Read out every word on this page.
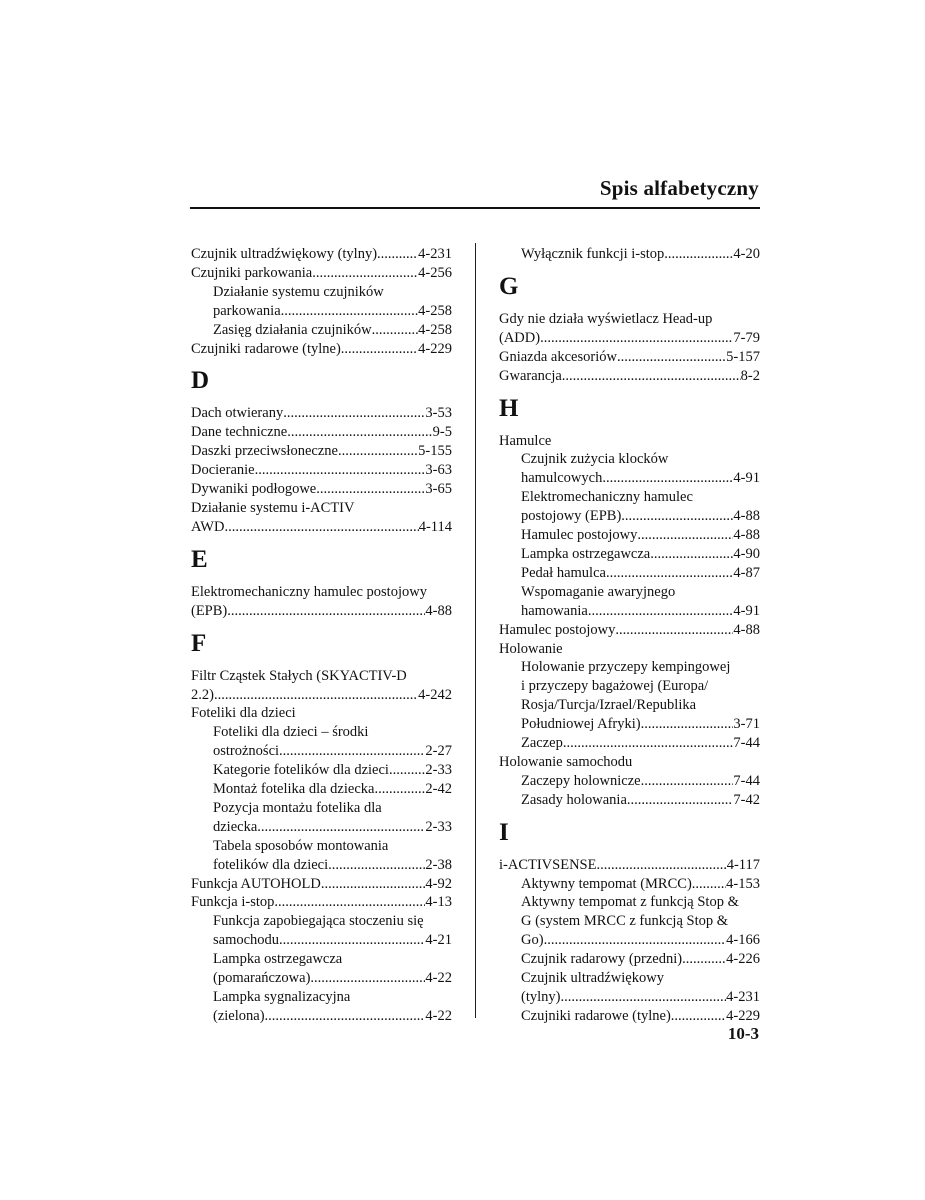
Spis alfabetyczny
Czujnik ultradźwiękowy (tylny) .....	4-231
Czujniki parkowania .....	4-256
Działanie systemu czujników
parkowania .....	4-258
Zasięg działania czujników .....	4-258
Czujniki radarowe (tylne) .....	4-229
D
Dach otwierany .....	3-53
Dane techniczne .....	9-5
Daszki przeciwsłoneczne .....	5-155
Docieranie .....	3-63
Dywaniki podłogowe .....	3-65
Działanie systemu i-ACTIV
AWD .....	4-114
E
Elektromechaniczny hamulec postojowy
(EPB) .....	4-88
F
Filtr Cząstek Stałych (SKYACTIV-D
2.2) .....	4-242
Foteliki dla dzieci
Foteliki dla dzieci – środki
ostrożności .....	2-27
Kategorie fotelików dla dzieci .....	2-33
Montaż fotelika dla dziecka .....	2-42
Pozycja montażu fotelika dla
dziecka .....	2-33
Tabela sposobów montowania
fotelików dla dzieci .....	2-38
Funkcja AUTOHOLD .....	4-92
Funkcja i-stop .....	4-13
Funkcja zapobiegająca stoczeniu się
samochodu .....	4-21
Lampka ostrzegawcza
(pomarańczowa) .....	4-22
Lampka sygnalizacyjna
(zielona) .....	4-22
Wyłącznik funkcji i-stop .....	4-20
G
Gdy nie działa wyświetlacz Head-up
(ADD) .....	7-79
Gniazda akcesoriów .....	5-157
Gwarancja .....	8-2
H
Hamulce
Czujnik zużycia klocków
hamulcowych .....	4-91
Elektromechaniczny hamulec
postojowy (EPB) .....	4-88
Hamulec postojowy .....	4-88
Lampka ostrzegawcza .....	4-90
Pedał hamulca .....	4-87
Wspomaganie awaryjnego
hamowania .....	4-91
Hamulec postojowy .....	4-88
Holowanie
Holowanie przyczepy kempingowej
i przyczepy bagażowej (Europa/
Rosja/Turcja/Izrael/Republika
Południowej Afryki) .....	3-71
Zaczep .....	7-44
Holowanie samochodu
Zaczepy holownicze .....	7-44
Zasady holowania .....	7-42
I
i-ACTIVSENSE .....	4-117
Aktywny tempomat (MRCC) ..... 4-153
Aktywny tempomat z funkcją Stop &
G (system MRCC z funkcją Stop &
Go) .....	4-166
Czujnik radarowy (przedni) .....	4-226
Czujnik ultradźwiękowy
(tylny) .....	4-231
Czujniki radarowe (tylne) .....	4-229
10-3
